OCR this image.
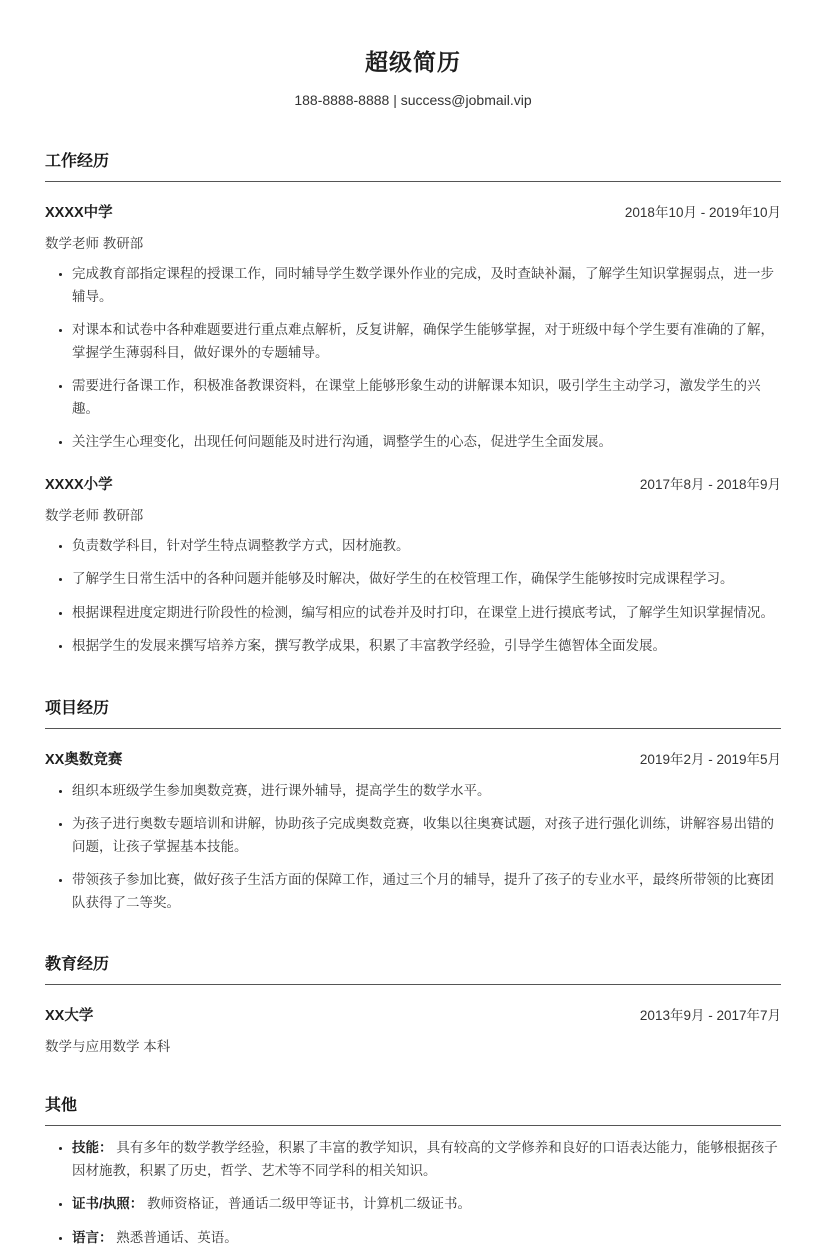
超级简历
188-8888-8888 | success@jobmail.vip
工作经历
XXXX中学	2018年10月 - 2019年10月
数学老师 教研部
• 完成教育部指定课程的授课工作，同时辅导学生数学课外作业的完成，及时查缺补漏，了解学生知识掌握弱点，进一步辅导。
• 对课本和试卷中各种难题要进行重点难点解析，反复讲解，确保学生能够掌握，对于班级中每个学生要有准确的了解，掌握学生薄弱科目，做好课外的专题辅导。
• 需要进行备课工作，积极准备教课资料，在课堂上能够形象生动的讲解课本知识，吸引学生主动学习，激发学生的兴趣。
• 关注学生心理变化，出现任何问题能及时进行沟通，调整学生的心态，促进学生全面发展。
XXXX小学	2017年8月 - 2018年9月
数学老师 教研部
• 负责数学科目，针对学生特点调整教学方式，因材施教。
• 了解学生日常生活中的各种问题并能够及时解决，做好学生的在校管理工作，确保学生能够按时完成课程学习。
• 根据课程进度定期进行阶段性的检测，编写相应的试卷并及时打印，在课堂上进行摸底考试，了解学生知识掌握情况。
• 根据学生的发展来撰写培养方案，撰写教学成果，积累了丰富教学经验，引导学生德智体全面发展。
项目经历
XX奥数竞赛	2019年2月 - 2019年5月
• 组织本班级学生参加奥数竞赛，进行课外辅导，提高学生的数学水平。
• 为孩子进行奥数专题培训和讲解，协助孩子完成奥数竞赛，收集以往奥赛试题，对孩子进行强化训练，讲解容易出错的问题，让孩子掌握基本技能。
• 带领孩子参加比赛，做好孩子生活方面的保障工作，通过三个月的辅导，提升了孩子的专业水平，最终所带领的比赛团队获得了二等奖。
教育经历
XX大学	2013年9月 - 2017年7月
数学与应用数学 本科
其他
• 技能： 具有多年的数学教学经验，积累了丰富的教学知识，具有较高的文学修养和良好的口语表达能力，能够根据孩子因材施教，积累了历史，哲学、艺术等不同学科的相关知识。
• 证书/执照： 教师资格证，普通话二级甲等证书，计算机二级证书。
• 语言： 熟悉普通话、英语。
